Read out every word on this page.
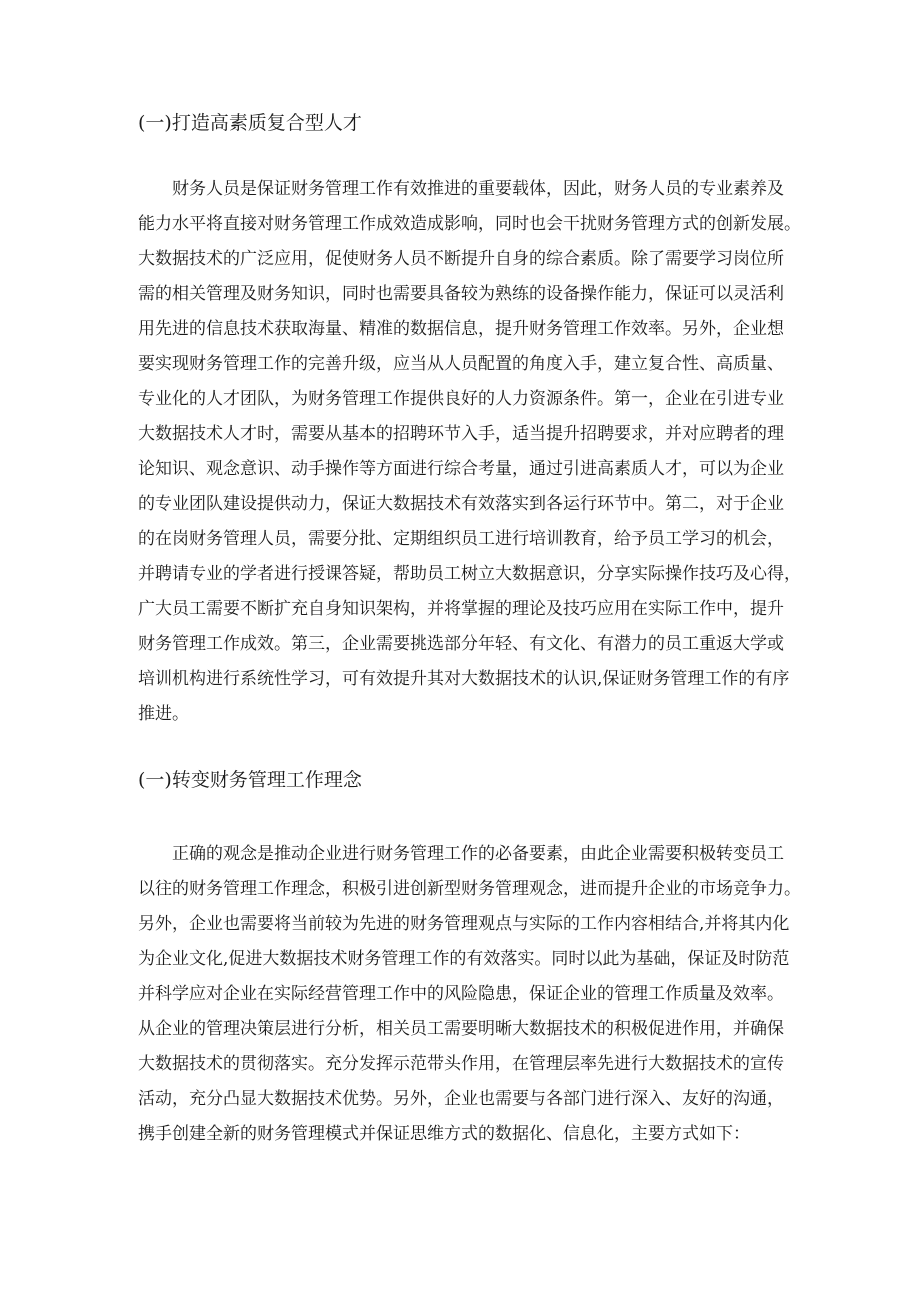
(一)打造高素质复合型人才

财务人员是保证财务管理工作有效推进的重要载体，因此，财务人员的专业素养及

能力水平将直接对财务管理工作成效造成影响，同时也会干扰财务管理方式的创新发展。

大数据技术的广泛应用，促使财务人员不断提升自身的综合素质。除了需要学习岗位所

需的相关管理及财务知识，同时也需要具备较为熟练的设备操作能力，保证可以灵活利

用先进的信息技术获取海量、精准的数据信息，提升财务管理工作效率。另外，企业想

要实现财务管理工作的完善升级，应当从人员配置的角度入手，建立复合性、高质量、

专业化的人才团队，为财务管理工作提供良好的人力资源条件。第一，企业在引进专业

大数据技术人才时，需要从基本的招聘环节入手，适当提升招聘要求，并对应聘者的理

论知识、观念意识、动手操作等方面进行综合考量，通过引进高素质人才，可以为企业

的专业团队建设提供动力，保证大数据技术有效落实到各运行环节中。第二，对于企业

的在岗财务管理人员，需要分批、定期组织员工进行培训教育，给予员工学习的机会，

并聘请专业的学者进行授课答疑，帮助员工树立大数据意识，分享实际操作技巧及心得，

广大员工需要不断扩充自身知识架构，并将掌握的理论及技巧应用在实际工作中，提升

财务管理工作成效。第三，企业需要挑选部分年轻、有文化、有潜力的员工重返大学或

培训机构进行系统性学习，可有效提升其对大数据技术的认识,保证财务管理工作的有序

推进。

(一)转变财务管理工作理念

正确的观念是推动企业进行财务管理工作的必备要素，由此企业需要积极转变员工

以往的财务管理工作理念，积极引进创新型财务管理观念，进而提升企业的市场竞争力。

另外，企业也需要将当前较为先进的财务管理观点与实际的工作内容相结合,并将其内化

为企业文化,促进大数据技术财务管理工作的有效落实。同时以此为基础，保证及时防范

并科学应对企业在实际经营管理工作中的风险隐患，保证企业的管理工作质量及效率。

从企业的管理决策层进行分析，相关员工需要明晰大数据技术的积极促进作用，并确保

大数据技术的贯彻落实。充分发挥示范带头作用，在管理层率先进行大数据技术的宣传

活动，充分凸显大数据技术优势。另外，企业也需要与各部门进行深入、友好的沟通，

携手创建全新的财务管理模式并保证思维方式的数据化、信息化，主要方式如下：
